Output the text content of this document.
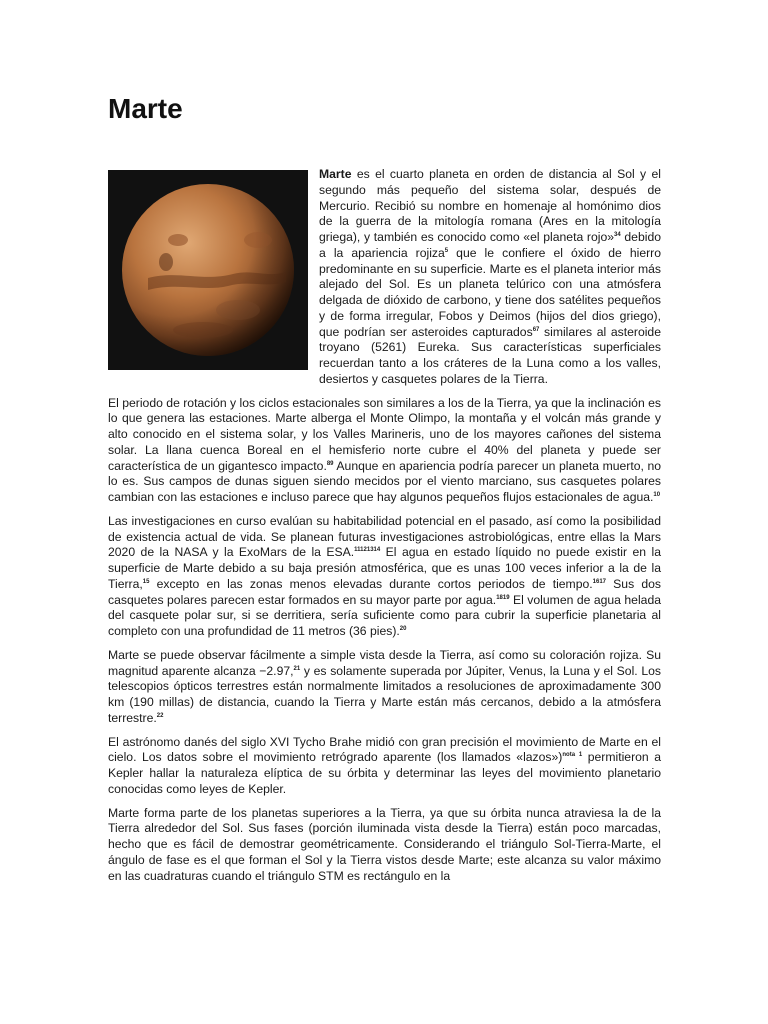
Marte

Marte es el cuarto planeta en orden de distancia al Sol y el segundo más pequeño del sistema solar, después de Mercurio. Recibió su nombre en homenaje al homónimo dios de la guerra de la mitología romana (Ares en la mitología griega), y también es conocido como «el planeta rojo»$^{34}$ debido a la apariencia rojiza$^5$ que le confiere el óxido de hierro predominante en su superficie. Marte es el planeta interior más alejado del Sol. Es un planeta telúrico con una atmósfera delgada de dióxido de carbono, y tiene dos satélites pequeños y de forma irregular, Fobos y Deimos (hijos del dios griego), que podrían ser asteroides capturados$^{67}$ similares al asteroide troyano (5261) Eureka. Sus características superficiales recuerdan tanto a los cráteres de la Luna como a los valles, desiertos y casquetes polares de la Tierra.

El periodo de rotación y los ciclos estacionales son similares a los de la Tierra, ya que la inclinación es lo que genera las estaciones. Marte alberga el Monte Olimpo, la montaña y el volcán más grande y alto conocido en el sistema solar, y los Valles Marineris, uno de los mayores cañones del sistema solar. La llana cuenca Boreal en el hemisferio norte cubre el 40% del planeta y puede ser característica de un gigantesco impacto.$^{89}$ Aunque en apariencia podría parecer un planeta muerto, no lo es. Sus campos de dunas siguen siendo mecidos por el viento marciano, sus casquetes polares cambian con las estaciones e incluso parece que hay algunos pequeños flujos estacionales de agua.$^{10}$

Las investigaciones en curso evalúan su habitabilidad potencial en el pasado, así como la posibilidad de existencia actual de vida. Se planean futuras investigaciones astrobiológicas, entre ellas la Mars 2020 de la NASA y la ExoMars de la ESA.$^{11121314}$ El agua en estado líquido no puede existir en la superficie de Marte debido a su baja presión atmosférica, que es unas 100 veces inferior a la de la Tierra,$^{15}$ excepto en las zonas menos elevadas durante cortos periodos de tiempo.$^{1617}$ Sus dos casquetes polares parecen estar formados en su mayor parte por agua.$^{1819}$ El volumen de agua helada del casquete polar sur, si se derritiera, sería suficiente como para cubrir la superficie planetaria al completo con una profundidad de 11 metros (36 pies).$^{20}$

Marte se puede observar fácilmente a simple vista desde la Tierra, así como su coloración rojiza. Su magnitud aparente alcanza −2.97,21 y es solamente superada por Júpiter, Venus, la Luna y el Sol. Los telescopios ópticos terrestres están normalmente limitados a resoluciones de aproximadamente 300 km (190 millas) de distancia, cuando la Tierra y Marte están más cercanos, debido a la atmósfera terrestre.$^{22}$

El astrónomo danés del siglo XVI Tycho Brahe midió con gran precisión el movimiento de Marte en el cielo. Los datos sobre el movimiento retrógrado aparente (los llamados «lazos»)$^{nota 1}$ permitieron a Kepler hallar la naturaleza elíptica de su órbita y determinar las leyes del movimiento planetario conocidas como leyes de Kepler.

Marte forma parte de los planetas superiores a la Tierra, ya que su órbita nunca atraviesa la de la Tierra alrededor del Sol. Sus fases (porción iluminada vista desde la Tierra) están poco marcadas, hecho que es fácil de demostrar geométricamente. Considerando el triángulo Sol-Tierra-Marte, el ángulo de fase es el que forman el Sol y la Tierra vistos desde Marte; este alcanza su valor máximo en las cuadraturas cuando el triángulo STM es rectángulo en la
